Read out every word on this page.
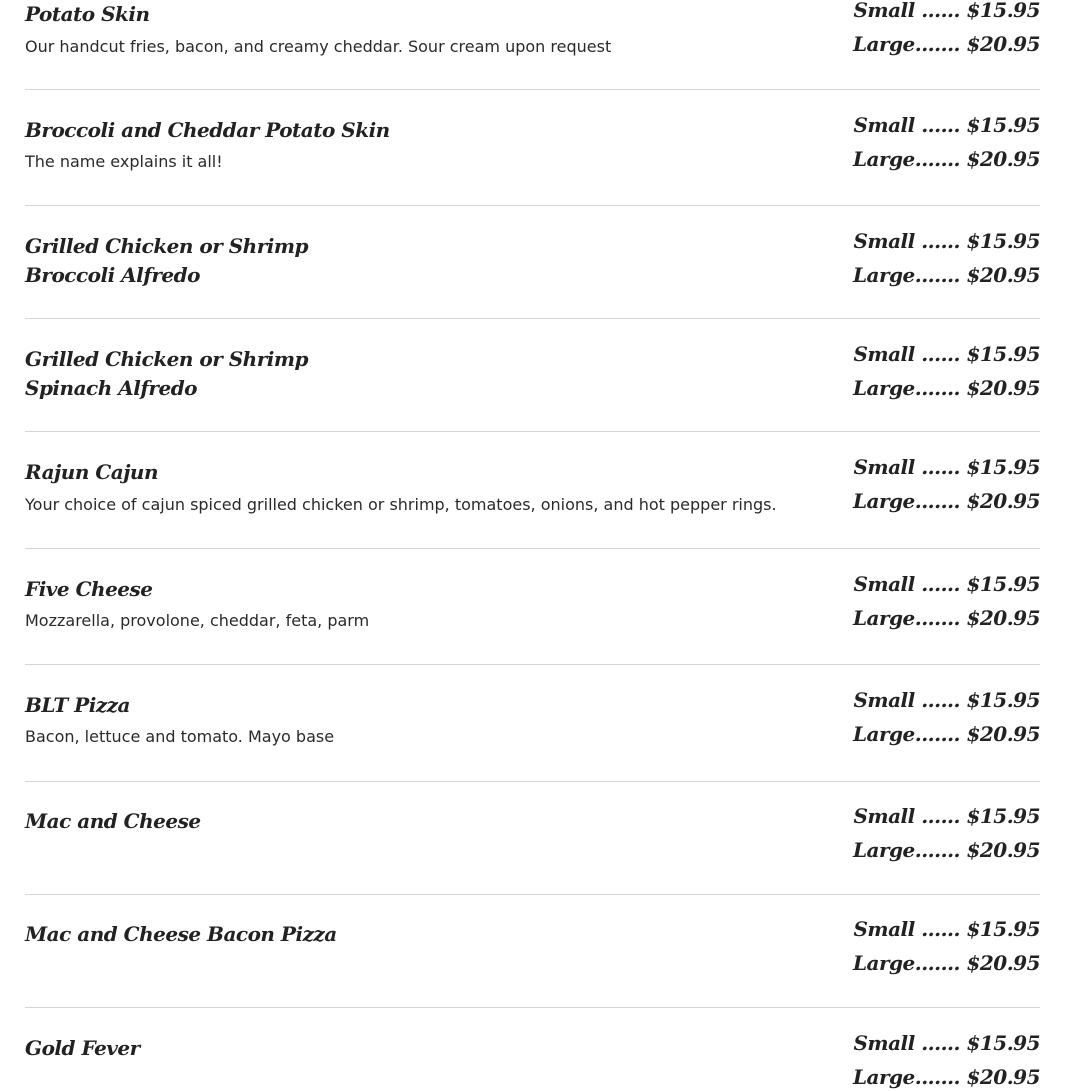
Potato Skin
Our handcut fries, bacon, and creamy cheddar. Sour cream upon request
Small ...... $15.95
Large....... $20.95
Broccoli and Cheddar Potato Skin
The name explains it all!
Small ...... $15.95
Large....... $20.95
Grilled Chicken or Shrimp
Broccoli Alfredo
Small ...... $15.95
Large....... $20.95
Grilled Chicken or Shrimp
Spinach Alfredo
Small ...... $15.95
Large....... $20.95
Rajun Cajun
Your choice of cajun spiced grilled chicken or shrimp, tomatoes, onions, and hot pepper rings.
Small ...... $15.95
Large....... $20.95
Five Cheese
Mozzarella, provolone, cheddar, feta, parm
Small ...... $15.95
Large....... $20.95
BLT Pizza
Bacon, lettuce and tomato. Mayo base
Small ...... $15.95
Large....... $20.95
Mac and Cheese	Small ...... $15.95
Large....... $20.95
Mac and Cheese Bacon Pizza	Small ...... $15.95
Large....... $20.95
Gold Fever	Small ...... $15.95
Large....... $20.95
